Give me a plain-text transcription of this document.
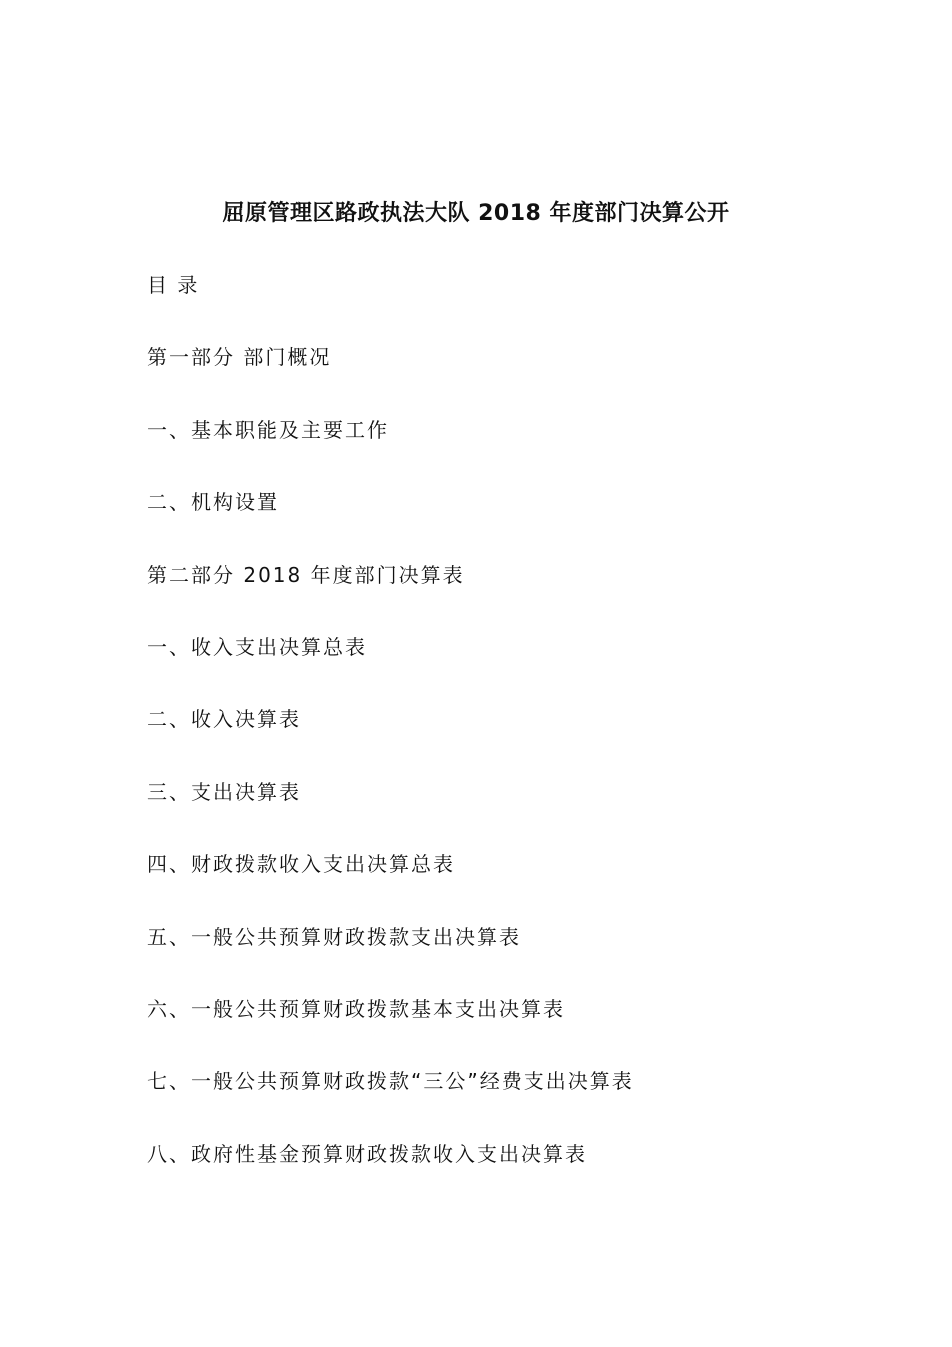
屈原管理区路政执法大队 2018 年度部门决算公开
目 录
第一部分 部门概况
一、基本职能及主要工作
二、机构设置
第二部分 2018 年度部门决算表
一、收入支出决算总表
二、收入决算表
三、支出决算表
四、财政拨款收入支出决算总表
五、一般公共预算财政拨款支出决算表
六、一般公共预算财政拨款基本支出决算表
七、一般公共预算财政拨款“三公”经费支出决算表
八、政府性基金预算财政拨款收入支出决算表
